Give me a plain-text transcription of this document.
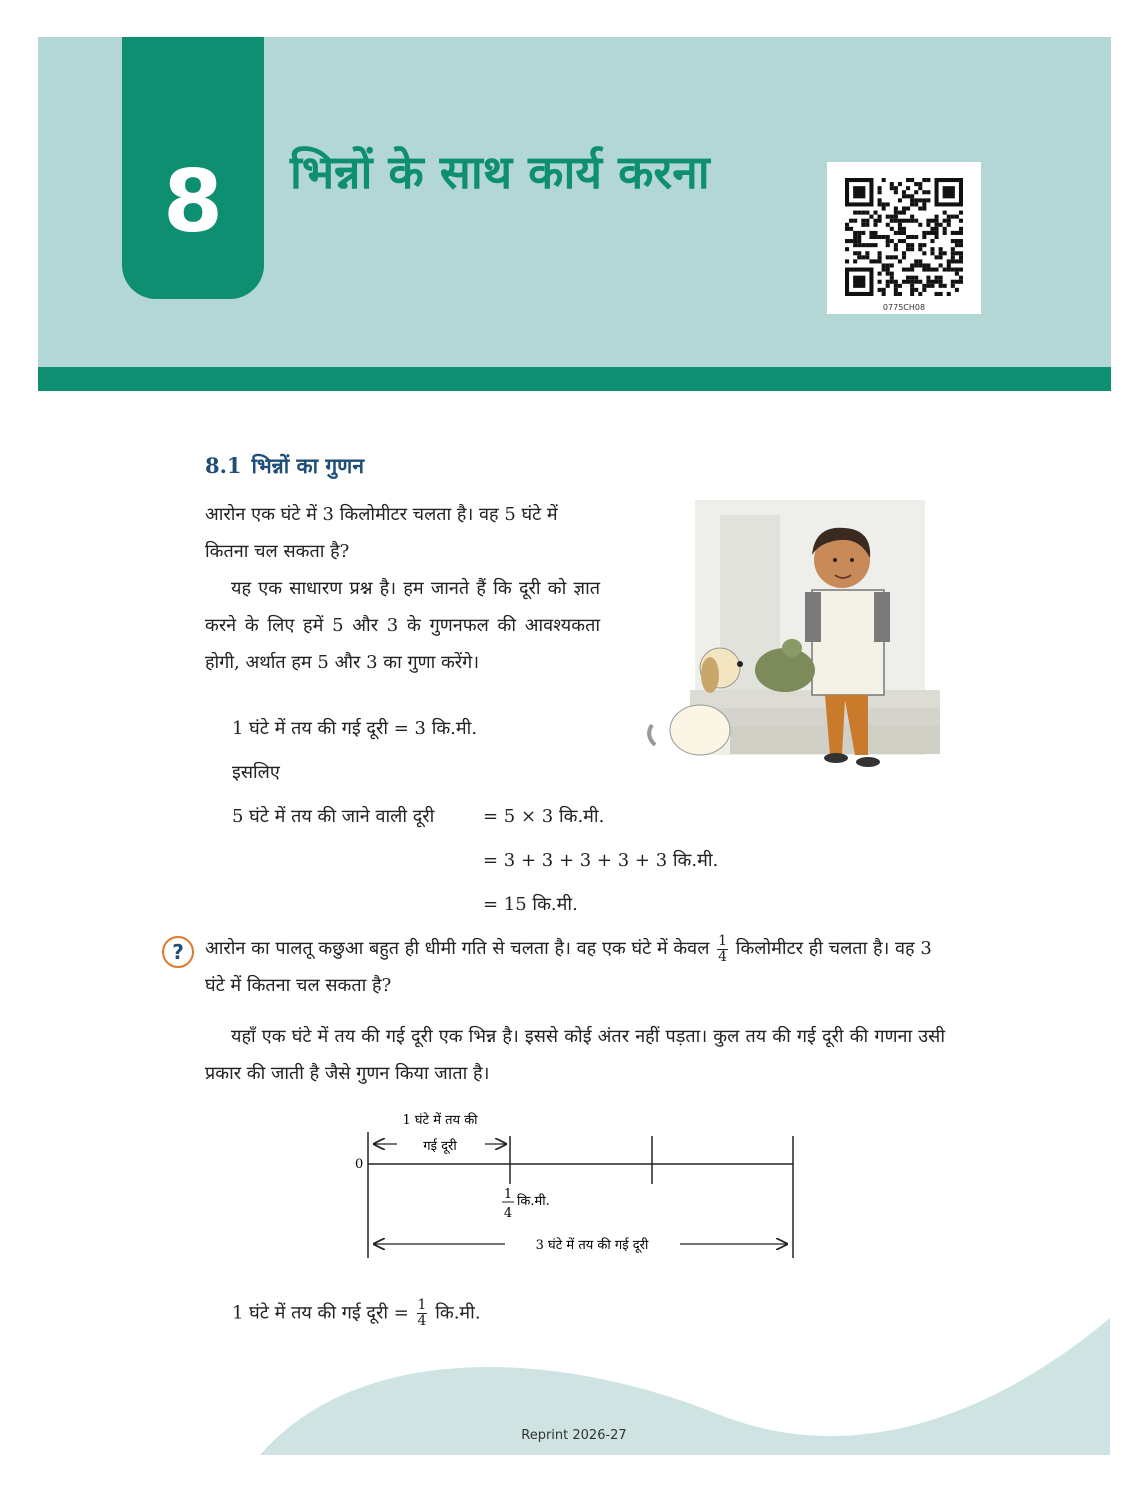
8	भिन्नों के साथ कार्य करना
0775CH08
8.1 भिन्नों का गुणन
आरोन एक घंटे में 3 किलोमीटर चलता है। वह 5 घंटे में कितना चल सकता है?
यह एक साधारण प्रश्न है। हम जानते हैं कि दूरी को ज्ञात करने के लिए हमें 5 और 3 के गुणनफल की आवश्यकता होगी, अर्थात हम 5 और 3 का गुणा करेंगे।
1 घंटे में तय की गई दूरी = 3 कि.मी.
इसलिए
5 घंटे में तय की जाने वाली दूरी	= 5 × 3 कि.मी.
= 3 + 3 + 3 + 3 + 3 कि.मी.
= 15 कि.मी.
?	आरोन का पालतू कछुआ बहुत ही धीमी गति से चलता है। वह एक घंटे में केवल $\frac{1}{4}$ किलोमीटर ही चलता है। वह 3 घंटे में कितना चल सकता है?
यहाँ एक घंटे में तय की गई दूरी एक भिन्न है। इससे कोई अंतर नहीं पड़ता। कुल तय की गई दूरी की गणना उसी प्रकार की जाती है जैसे गुणन किया जाता है।
0
1 घंटे में तय की
गई दूरी
1
4
कि.मी.
3 घंटे में तय की गई दूरी
1 घंटे में तय की गई दूरी = $\frac{1}{4}$ कि.मी.
Reprint 2026-27
